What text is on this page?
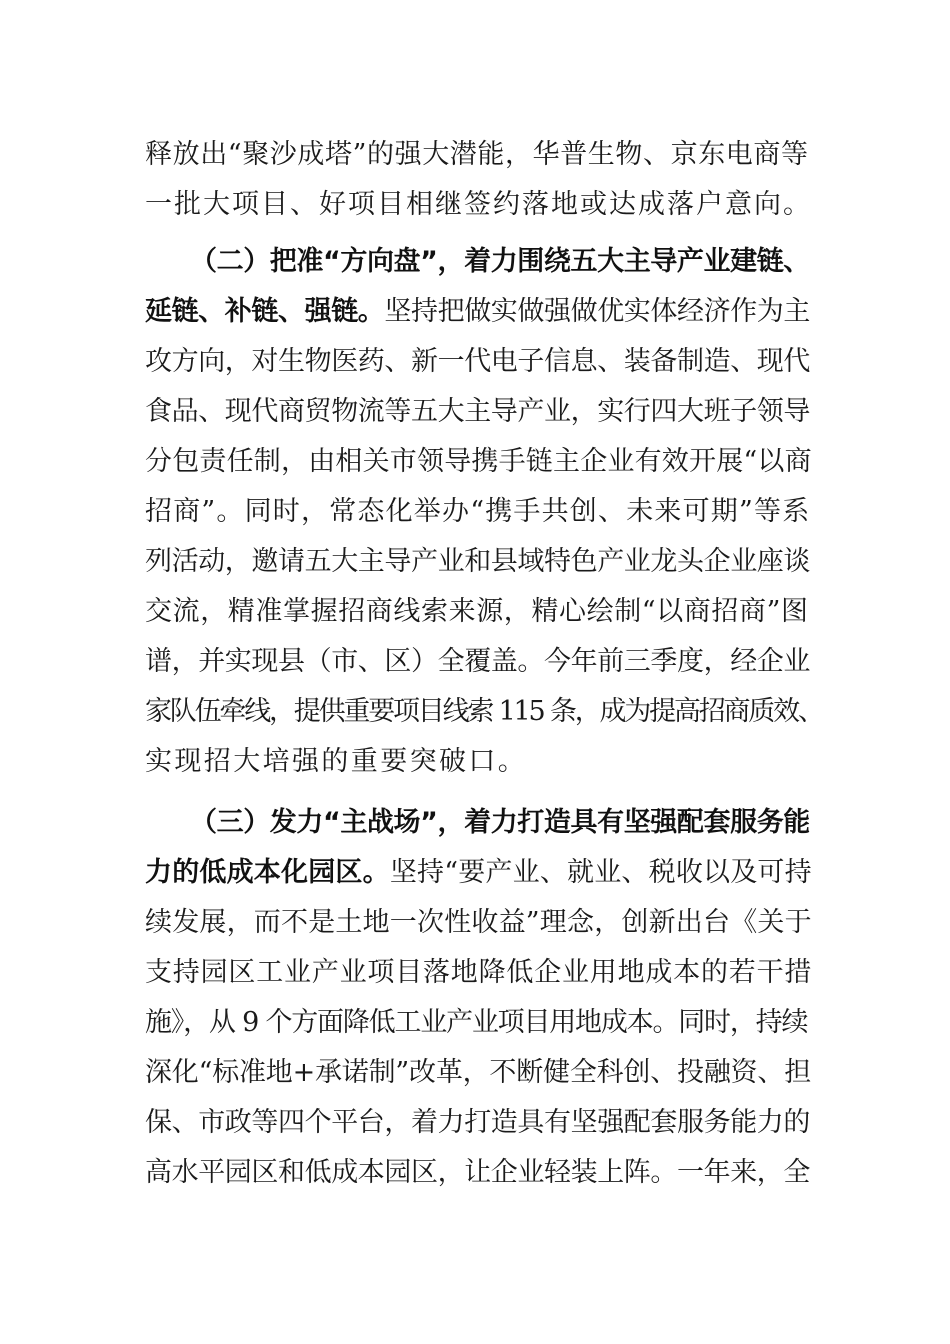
释放出“聚沙成塔”的强大潜能，华普生物、京东电商等
一批大项目、好项目相继签约落地或达成落户意向。
（二）把准“方向盘”，着力围绕五大主导产业建链、
延链、补链、强链。坚持把做实做强做优实体经济作为主
攻方向，对生物医药、新一代电子信息、装备制造、现代
食品、现代商贸物流等五大主导产业，实行四大班子领导
分包责任制，由相关市领导携手链主企业有效开展“以商
招商”。同时，常态化举办“携手共创、未来可期”等系
列活动，邀请五大主导产业和县域特色产业龙头企业座谈
交流，精准掌握招商线索来源，精心绘制“以商招商”图
谱，并实现县（市、区）全覆盖。今年前三季度，经企业
家队伍牵线，提供重要项目线索 115 条，成为提高招商质效、
实现招大培强的重要突破口。
（三）发力“主战场”，着力打造具有坚强配套服务能
力的低成本化园区。坚持“要产业、就业、税收以及可持
续发展，而不是土地一次性收益”理念，创新出台《关于
支持园区工业产业项目落地降低企业用地成本的若干措
施》，从 9 个方面降低工业产业项目用地成本。同时，持续
深化“标准地+承诺制”改革，不断健全科创、投融资、担
保、市政等四个平台，着力打造具有坚强配套服务能力的
高水平园区和低成本园区，让企业轻装上阵。一年来，全
